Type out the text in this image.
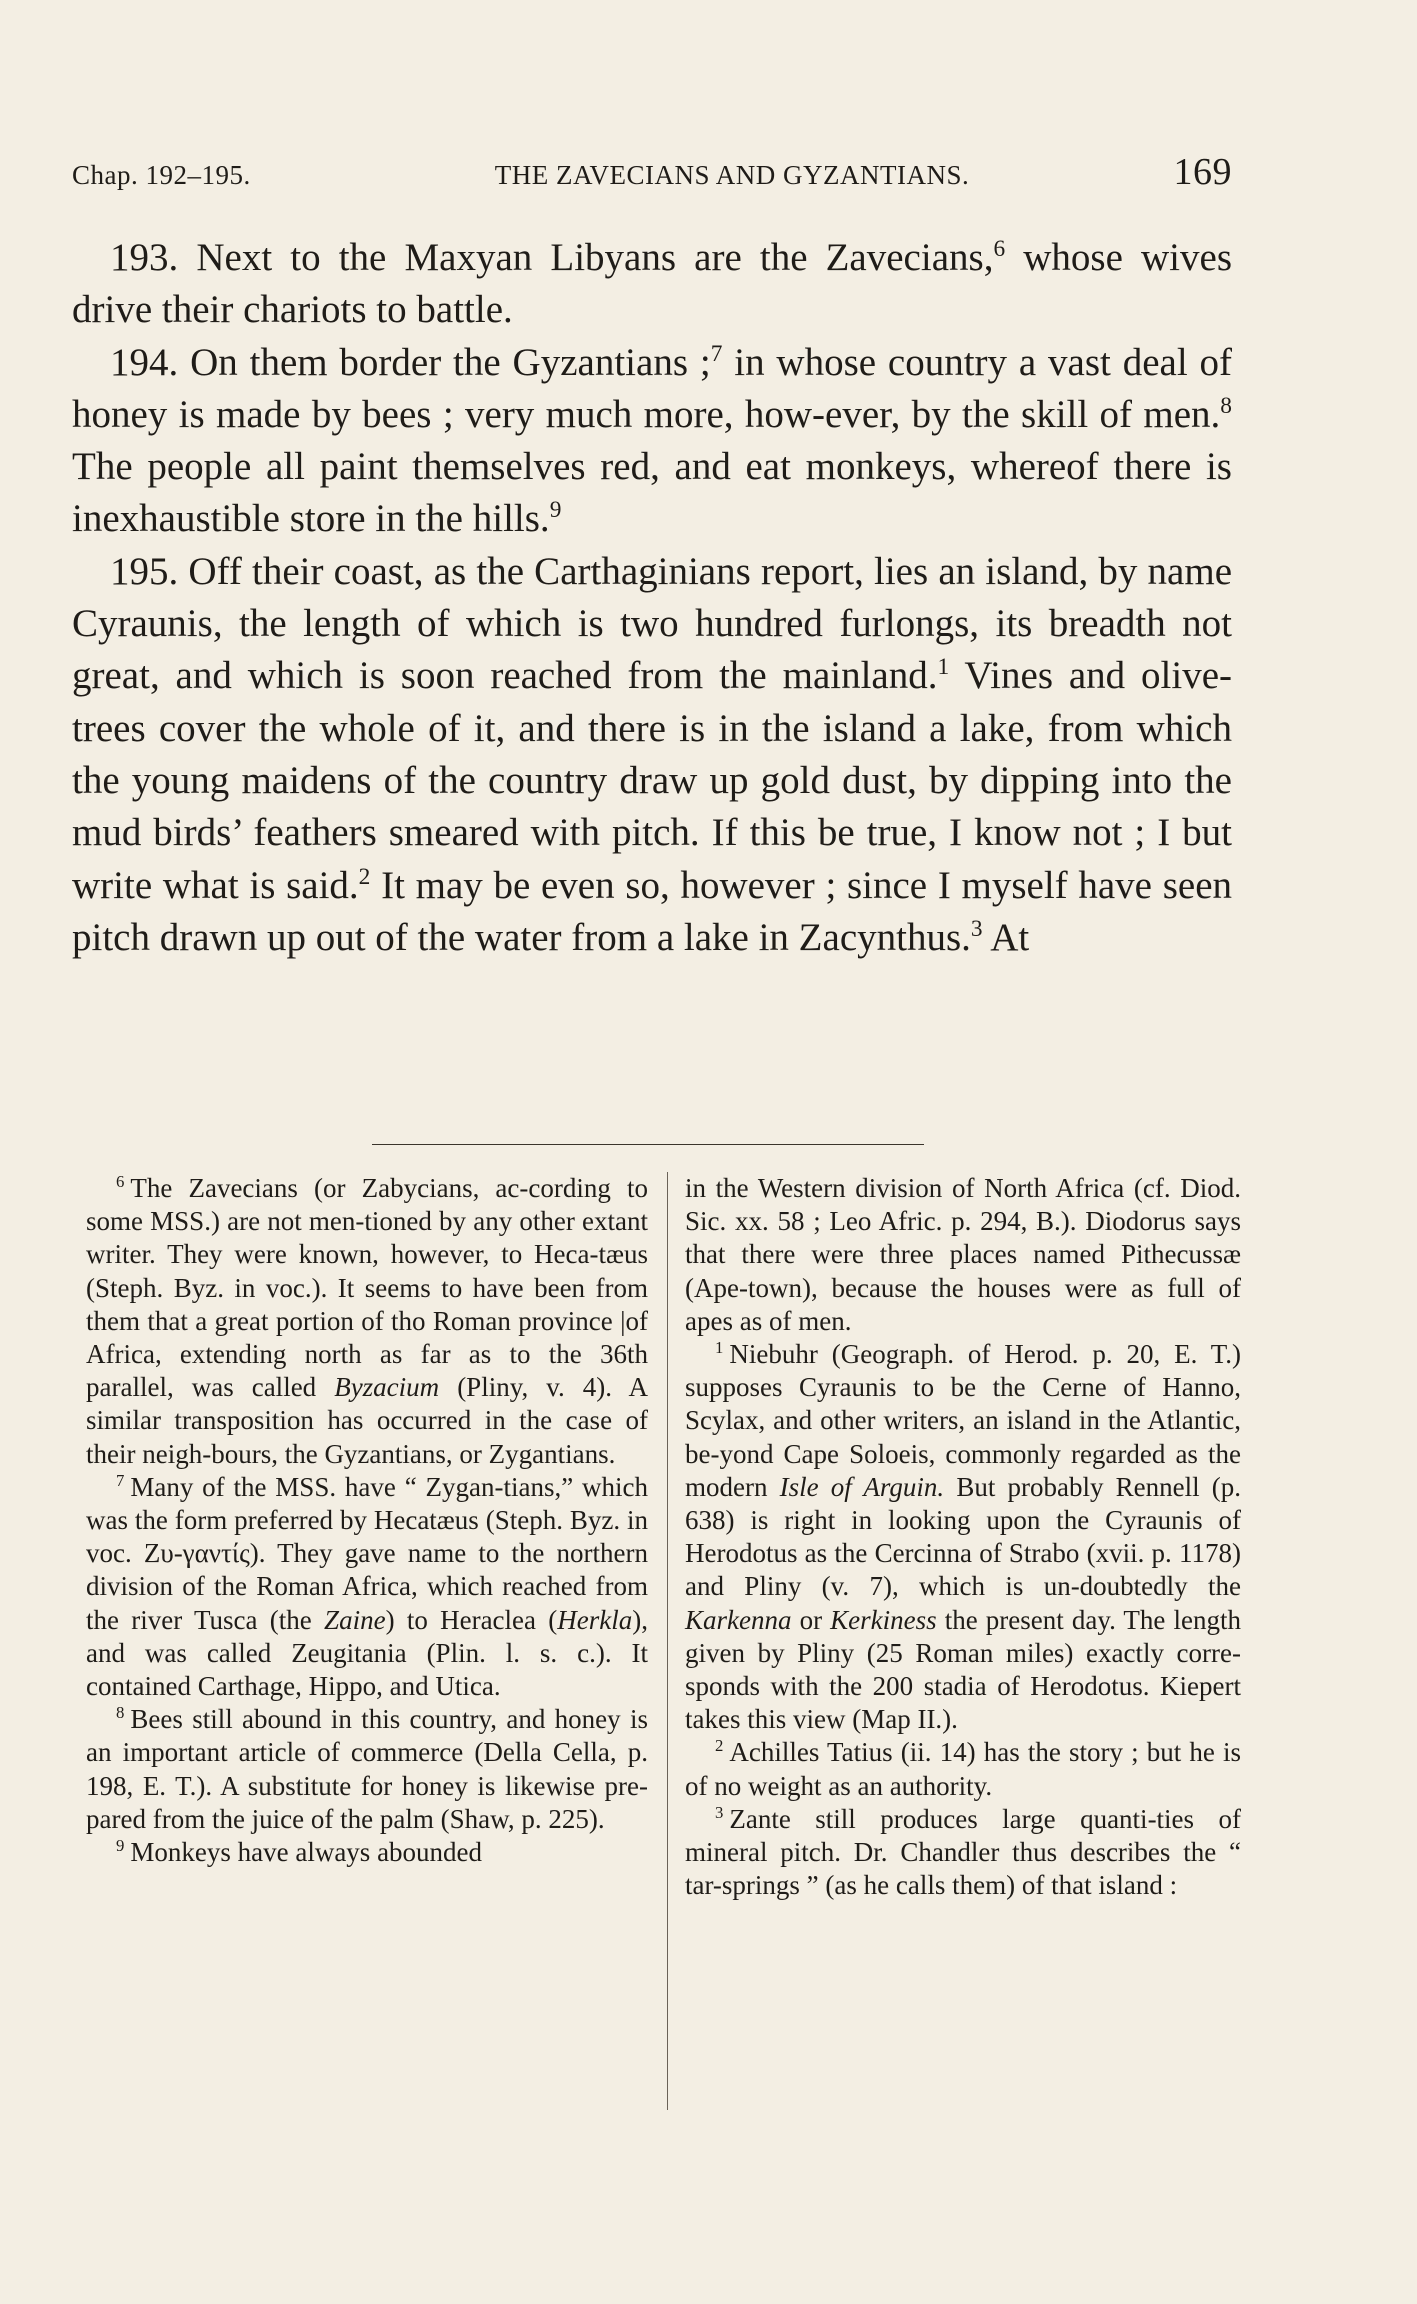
Chap. 192–195.	THE ZAVECIANS AND GYZANTIANS.	169

193. Next to the Maxyan Libyans are the Zavecians,$^6$ whose wives drive their chariots to battle.

194. On them border the Gyzantians ;$^7$ in whose country a vast deal of honey is made by bees ; very much more, how-ever, by the skill of men.$^8$ The people all paint themselves red, and eat monkeys, whereof there is inexhaustible store in the hills.$^9$

195. Off their coast, as the Carthaginians report, lies an island, by name Cyraunis, the length of which is two hundred furlongs, its breadth not great, and which is soon reached from the mainland.$^1$ Vines and olive-trees cover the whole of it, and there is in the island a lake, from which the young maidens of the country draw up gold dust, by dipping into the mud birds’ feathers smeared with pitch. If this be true, I know not ; I but write what is said.$^2$ It may be even so, however ; since I myself have seen pitch drawn up out of the water from a lake in Zacynthus.$^3$ At

$^6$ The Zavecians (or Zabycians, ac-cording to some MSS.) are not men-tioned by any other extant writer. They were known, however, to Heca-tæus (Steph. Byz. in voc.). It seems to have been from them that a great portion of tho Roman province |of Africa, extending north as far as to the 36th parallel, was called Byzacium (Pliny, v. 4). A similar transposition has occurred in the case of their neigh-bours, the Gyzantians, or Zygantians.

$^7$ Many of the MSS. have “ Zygan-tians,” which was the form preferred by Hecatæus (Steph. Byz. in voc. Ζυ-γαντίς). They gave name to the northern division of the Roman Africa, which reached from the river Tusca (the Zaine) to Heraclea (Herkla), and was called Zeugitania (Plin. l. s. c.). It contained Carthage, Hippo, and Utica.

$^8$ Bees still abound in this country, and honey is an important article of commerce (Della Cella, p. 198, E. T.). A substitute for honey is likewise pre-pared from the juice of the palm (Shaw, p. 225).

$^9$ Monkeys have always abounded

in the Western division of North Africa (cf. Diod. Sic. xx. 58 ; Leo Afric. p. 294, B.). Diodorus says that there were three places named Pithecussæ (Ape-town), because the houses were as full of apes as of men.

$^1$ Niebuhr (Geograph. of Herod. p. 20, E. T.) supposes Cyraunis to be the Cerne of Hanno, Scylax, and other writers, an island in the Atlantic, be-yond Cape Soloeis, commonly regarded as the modern Isle of Arguin. But probably Rennell (p. 638) is right in looking upon the Cyraunis of Herodotus as the Cercinna of Strabo (xvii. p. 1178) and Pliny (v. 7), which is un-doubtedly the Karkenna or Kerkiness the present day. The length given by Pliny (25 Roman miles) exactly corre-sponds with the 200 stadia of Herodotus. Kiepert takes this view (Map II.).

$^2$ Achilles Tatius (ii. 14) has the story ; but he is of no weight as an authority.

$^3$ Zante still produces large quanti-ties of mineral pitch. Dr. Chandler thus describes the “ tar-springs ” (as he calls them) of that island :
